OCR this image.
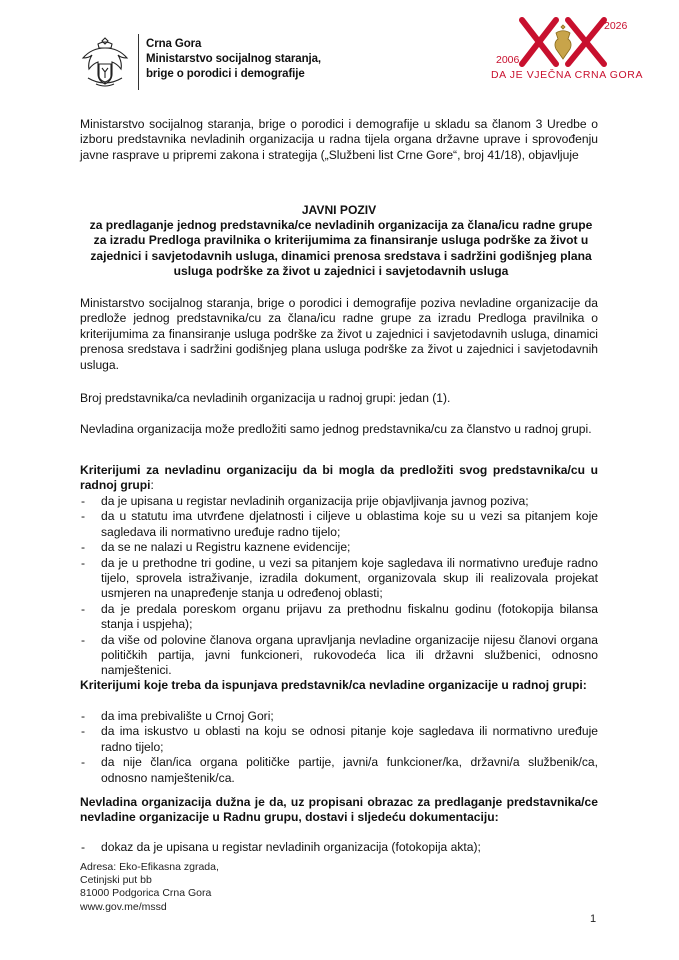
Crna Gora
Ministarstvo socijalnog staranja,
brige o porodici i demografije
2006
2026
DA JE VJEČNA CRNA GORA
Ministarstvo socijalnog staranja, brige o porodici i demografije u skladu sa članom 3 Uredbe o izboru predstavnika nevladinih organizacija u radna tijela organa državne uprave i sprovođenju javne rasprave u pripremi zakona i strategija („Službeni list Crne Gore“, broj 41/18), objavljuje
JAVNI POZIV
za predlaganje jednog predstavnika/ce nevladinih organizacija za člana/icu radne grupe za izradu Predloga pravilnika o kriterijumima za finansiranje usluga podrške za život u zajednici i savjetodavnih usluga, dinamici prenosa sredstava i sadržini godišnjeg plana usluga podrške za život u zajednici i savjetodavnih usluga
Ministarstvo socijalnog staranja, brige o porodici i demografije poziva nevladine organizacije da predlože jednog predstavnika/cu za člana/icu radne grupe za izradu Predloga pravilnika o kriterijumima za finansiranje usluga podrške za život u zajednici i savjetodavnih usluga, dinamici prenosa sredstava i sadržini godišnjeg plana usluga podrške za život u zajednici i savjetodavnih usluga.
Broj predstavnika/ca nevladinih organizacija u radnoj grupi: jedan (1).
Nevladina organizacija može predložiti samo jednog predstavnika/cu za članstvo u radnoj grupi.
Kriterijumi za nevladinu organizaciju da bi mogla da predložiti svog predstavnika/cu u radnoj grupi:
- da je upisana u registar nevladinih organizacija prije objavljivanja javnog poziva;
- da u statutu ima utvrđene djelatnosti i ciljeve u oblastima koje su u vezi sa pitanjem koje sagledava ili normativno uređuje radno tijelo;
- da se ne nalazi u Registru kaznene evidencije;
- da je u prethodne tri godine, u vezi sa pitanjem koje sagledava ili normativno uređuje radno tijelo, sprovela istraživanje, izradila dokument, organizovala skup ili realizovala projekat usmjeren na unapređenje stanja u određenoj oblasti;
- da je predala poreskom organu prijavu za prethodnu fiskalnu godinu (fotokopija bilansa stanja i uspjeha);
- da više od polovine članova organa upravljanja nevladine organizacije nijesu članovi organa političkih partija, javni funkcioneri, rukovodeća lica ili državni službenici, odnosno namještenici.
Kriterijumi koje treba da ispunjava predstavnik/ca nevladine organizacije u radnoj grupi:
- da ima prebivalište u Crnoj Gori;
- da ima iskustvo u oblasti na koju se odnosi pitanje koje sagledava ili normativno uređuje radno tijelo;
- da nije član/ica organa političke partije, javni/a funkcioner/ka, državni/a službenik/ca, odnosno namještenik/ca.
Nevladina organizacija dužna je da, uz propisani obrazac za predlaganje predstavnika/ce nevladine organizacije u Radnu grupu, dostavi i sljedeću dokumentaciju:
- dokaz da je upisana u registar nevladinih organizacija (fotokopija akta);
Adresa: Eko-Efikasna zgrada,
Cetinjski put bb
81000 Podgorica Crna Gora
www.gov.me/mssd
1
